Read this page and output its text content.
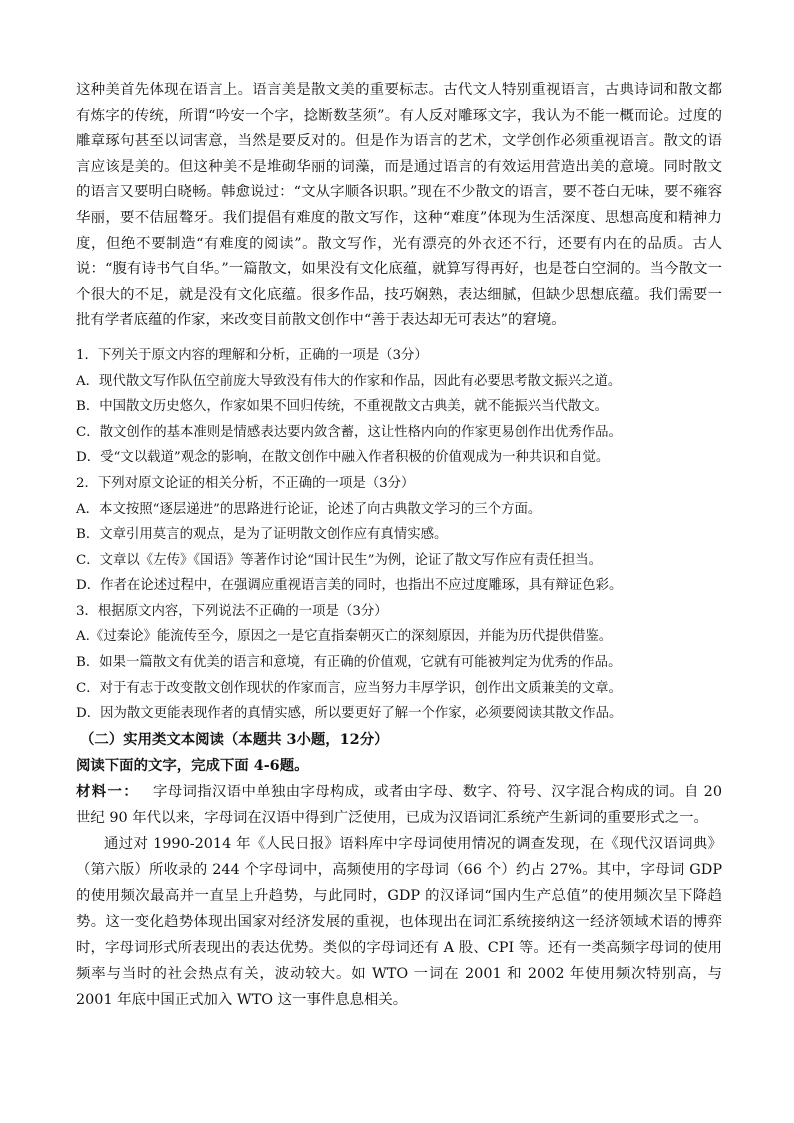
这种美首先体现在语言上。语言美是散文美的重要标志。古代文人特别重视语言，古典诗词和散文都有炼字的传统，所谓“吟安一个字，捻断数茎须”。有人反对雕琢文字，我认为不能一概而论。过度的雕章琢句甚至以词害意，当然是要反对的。但是作为语言的艺术，文学创作必须重视语言。散文的语言应该是美的。但这种美不是堆砌华丽的词藻，而是通过语言的有效运用营造出美的意境。同时散文的语言又要明白晓畅。韩愈说过：“文从字顺各识职。”现在不少散文的语言，要不苍白无味，要不雍容华丽，要不佶屈聱牙。我们提倡有难度的散文写作，这种“难度”体现为生活深度、思想高度和精神力度，但绝不要制造“有难度的阅读”。散文写作，光有漂亮的外衣还不行，还要有内在的品质。古人说：“腹有诗书气自华。”一篇散文，如果没有文化底蕴，就算写得再好，也是苍白空洞的。当今散文一个很大的不足，就是没有文化底蕴。很多作品，技巧娴熟，表达细腻，但缺少思想底蕴。我们需要一批有学者底蕴的作家，来改变目前散文创作中“善于表达却无可表达”的窘境。

1．下列关于原文内容的理解和分析，正确的一项是（3分）

A．现代散文写作队伍空前庞大导致没有伟大的作家和作品，因此有必要思考散文振兴之道。

B．中国散文历史悠久，作家如果不回归传统，不重视散文古典美，就不能振兴当代散文。

C．散文创作的基本准则是情感表达要内敛含蓄，这让性格内向的作家更易创作出优秀作品。

D．受“文以载道”观念的影响，在散文创作中融入作者积极的价值观成为一种共识和自觉。

2．下列对原文论证的相关分析，不正确的一项是（3分）

A．本文按照“逐层递进”的思路进行论证，论述了向古典散文学习的三个方面。

B．文章引用莫言的观点，是为了证明散文创作应有真情实感。

C．文章以《左传》《国语》等著作讨论“国计民生”为例，论证了散文写作应有责任担当。

D．作者在论述过程中，在强调应重视语言美的同时，也指出不应过度雕琢，具有辩证色彩。

3．根据原文内容，下列说法不正确的一项是（3分）

A.《过秦论》能流传至今，原因之一是它直指秦朝灭亡的深刻原因，并能为历代提供借鉴。

B．如果一篇散文有优美的语言和意境，有正确的价值观，它就有可能被判定为优秀的作品。

C．对于有志于改变散文创作现状的作家而言，应当努力丰厚学识，创作出文质兼美的文章。

D．因为散文更能表现作者的真情实感，所以要更好了解一个作家，必须要阅读其散文作品。

（二）实用类文本阅读（本题共 3小题，12分）

阅读下面的文字，完成下面 4-6题。

材料一： 字母词指汉语中单独由字母构成，或者由字母、数字、符号、汉字混合构成的词。自 20 世纪 90 年代以来，字母词在汉语中得到广泛使用，已成为汉语词汇系统产生新词的重要形式之一。

通过对 1990-2014 年《人民日报》语料库中字母词使用情况的调查发现，在《现代汉语词典》（第六版）所收录的 244 个字母词中，高频使用的字母词（66 个）约占 27%。其中，字母词 GDP 的使用频次最高并一直呈上升趋势，与此同时，GDP 的汉译词“国内生产总值”的使用频次呈下降趋势。这一变化趋势体现出国家对经济发展的重视，也体现出在词汇系统接纳这一经济领域术语的博弈时，字母词形式所表现出的表达优势。类似的字母词还有 A 股、CPI 等。还有一类高频字母词的使用频率与当时的社会热点有关，波动较大。如 WTO 一词在 2001 和 2002 年使用频次特别高，与 2001 年底中国正式加入 WTO 这一事件息息相关。
